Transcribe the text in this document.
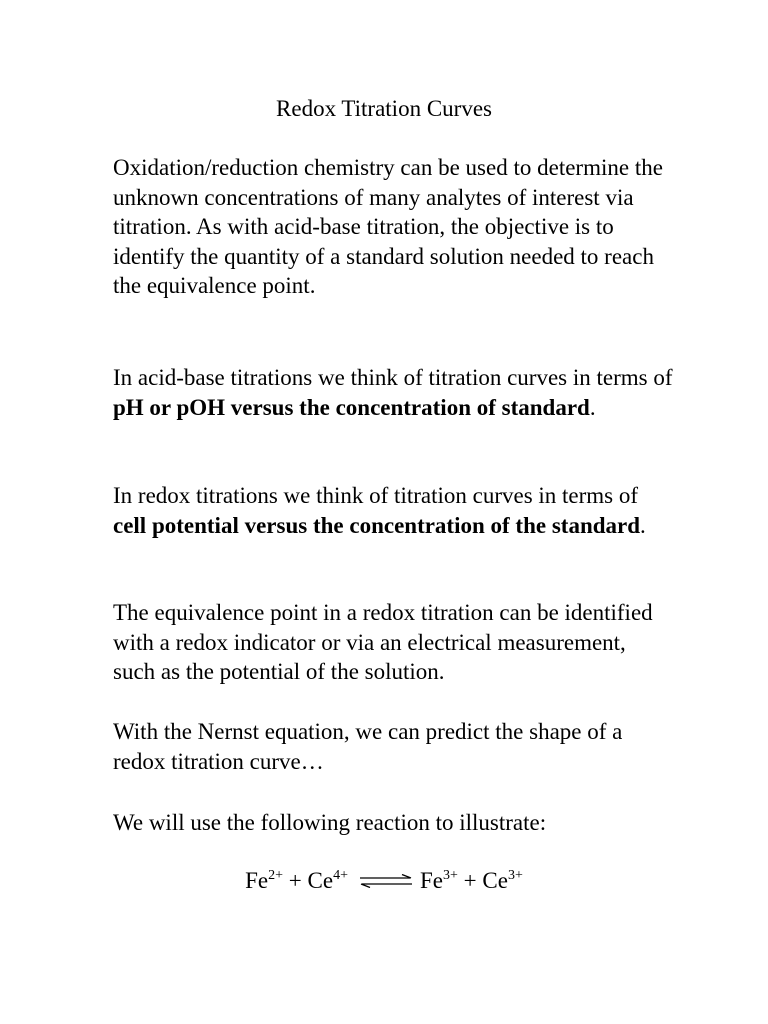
Redox Titration Curves

Oxidation/reduction chemistry can be used to determine the unknown concentrations of many analytes of interest via titration. As with acid-base titration, the objective is to identify the quantity of a standard solution needed to reach the equivalence point.

In acid-base titrations we think of titration curves in terms of pH or pOH versus the concentration of standard.

In redox titrations we think of titration curves in terms of cell potential versus the concentration of the standard.

The equivalence point in a redox titration can be identified with a redox indicator or via an electrical measurement, such as the potential of the solution.

With the Nernst equation, we can predict the shape of a redox titration curve…

We will use the following reaction to illustrate:

$Fe^{2+} + Ce^{4+}$ ⇌ $Fe^{3+} + Ce^{3+}$
